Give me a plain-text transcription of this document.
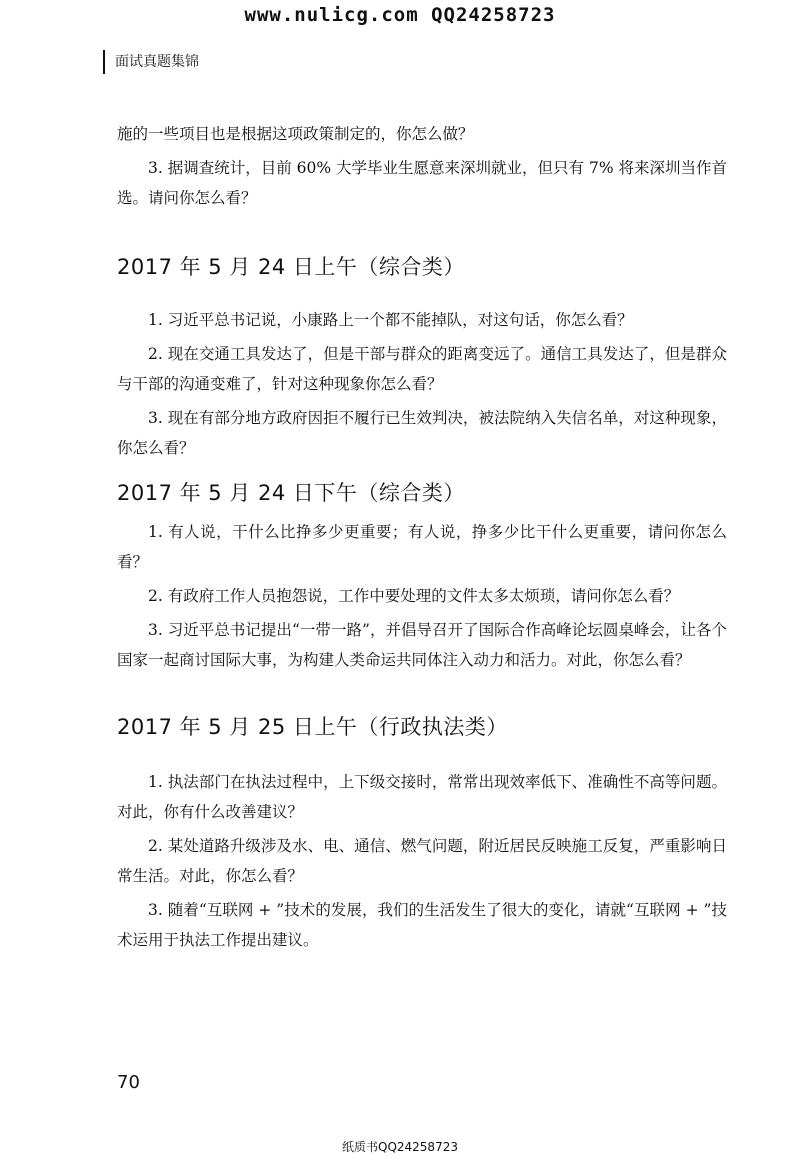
www.nulicg.com QQ24258723
面试真题集锦

施的一些项目也是根据这项政策制定的，你怎么做？

3. 据调查统计，目前 60% 大学毕业生愿意来深圳就业，但只有 7% 将来深圳当作首选。请问你怎么看？

2017 年 5 月 24 日上午（综合类）

1. 习近平总书记说，小康路上一个都不能掉队，对这句话，你怎么看？

2. 现在交通工具发达了，但是干部与群众的距离变远了。通信工具发达了，但是群众与干部的沟通变难了，针对这种现象你怎么看？

3. 现在有部分地方政府因拒不履行已生效判决，被法院纳入失信名单，对这种现象，你怎么看？

2017 年 5 月 24 日下午（综合类）

1. 有人说，干什么比挣多少更重要；有人说，挣多少比干什么更重要，请问你怎么看？

2. 有政府工作人员抱怨说，工作中要处理的文件太多太烦琐，请问你怎么看？

3. 习近平总书记提出“一带一路”，并倡导召开了国际合作高峰论坛圆桌峰会，让各个国家一起商讨国际大事，为构建人类命运共同体注入动力和活力。对此，你怎么看？

2017 年 5 月 25 日上午（行政执法类）

1. 执法部门在执法过程中，上下级交接时，常常出现效率低下、准确性不高等问题。对此，你有什么改善建议？

2. 某处道路升级涉及水、电、通信、燃气问题，附近居民反映施工反复，严重影响日常生活。对此，你怎么看？

3. 随着“互联网 + ”技术的发展，我们的生活发生了很大的变化，请就“互联网 + ”技术运用于执法工作提出建议。

70
纸质书QQ24258723
